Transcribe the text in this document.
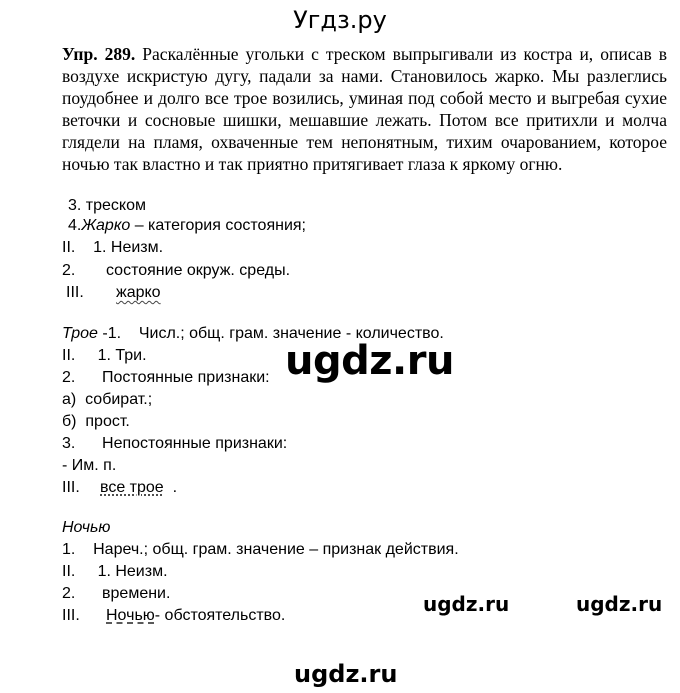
Угдз.ру
Упр. 289. Раскалённые угольки с треском выпрыгивали из костра и, описав в воздухе искристую дугу, падали за нами. Становилось жарко. Мы разлеглись поудобнее и долго все трое возились, уминая под собой место и выгребая сухие веточки и сосновые шишки, мешавшие лежать. Потом все притихли и молча глядели на пламя, охваченные тем непонятным, тихим очарованием, которое ночью так властно и так приятно притягивает глаза к яркому огню.
3. треском
4.Жарко – категория состояния;
II.    1. Неизм.
2. состояние окруж. среды.
III. жарко
Трое -1.    Числ.; общ. грам. значение - количество.
II.     1. Три.
2.      Постоянные признаки:
а)  собират.;
б)  прост.
3.      Непостоянные признаки:
- Им. п.
III. все трое  .
Ночью
1.    Нареч.; общ. грам. значение – признак действия.
II.     1. Неизм.
2.      времени.
III. Ночью- обстоятельство.
ugdz.ru
ugdz.ru	ugdz.ru
ugdz.ru
